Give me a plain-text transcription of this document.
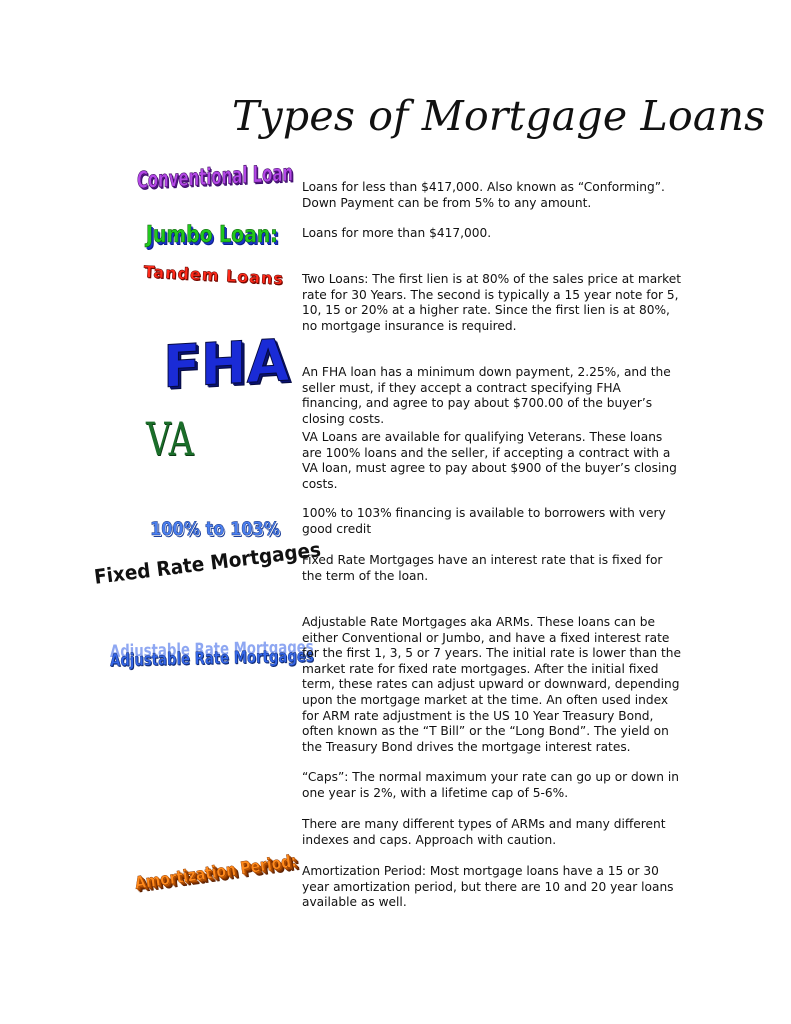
Types of Mortgage Loans
Conventional Loan
Jumbo Loan:
Tandem Loans
FHA
VA
100% to 103%
Fixed Rate Mortgages
Adjustable Rate Mortgages
Amortization Period:
Loans for less than $417,000. Also known as “Conforming”. Down Payment can be from 5% to any amount.
Loans for more than $417,000.
Two Loans: The first lien is at 80% of the sales price at market rate for 30 Years. The second is typically a 15 year note for 5, 10, 15 or 20% at a higher rate. Since the first lien is at 80%, no mortgage insurance is required.
An FHA loan has a minimum down payment, 2.25%, and the seller must, if they accept a contract specifying FHA financing, and agree to pay about $700.00 of the buyer’s closing costs.
VA Loans are available for qualifying Veterans. These loans are 100% loans and the seller, if accepting a contract with a VA loan, must agree to pay about $900 of the buyer’s closing costs.
100% to 103% financing is available to borrowers with very good credit
Fixed Rate Mortgages have an interest rate that is fixed for the term of the loan.
Adjustable Rate Mortgages aka ARMs. These loans can be either Conventional or Jumbo, and have a fixed interest rate for the first 1, 3, 5 or 7 years. The initial rate is lower than the market rate for fixed rate mortgages. After the initial fixed term, these rates can adjust upward or downward, depending upon the mortgage market at the time. An often used index for ARM rate adjustment is the US 10 Year Treasury Bond, often known as the “T Bill” or the “Long Bond”. The yield on the Treasury Bond drives the mortgage interest rates.
“Caps”: The normal maximum your rate can go up or down in one year is 2%, with a lifetime cap of 5-6%.
There are many different types of ARMs and many different indexes and caps. Approach with caution.
Amortization Period: Most mortgage loans have a 15 or 30 year amortization period, but there are 10 and 20 year loans available as well.
